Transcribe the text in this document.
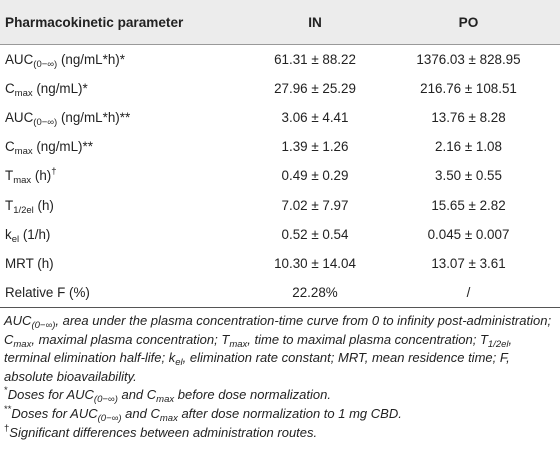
Pharmacokinetic parameter	IN	PO
$AUC_{(0-\infty)}$ (ng/mL*h)*	61.31 ± 88.22	1376.03 ± 828.95
$C_{max}$ (ng/mL)*	27.96 ± 25.29	216.76 ± 108.51
$AUC_{(0-\infty)}$ (ng/mL*h)**	3.06 ± 4.41	13.76 ± 8.28
$C_{max}$ (ng/mL)**	1.39 ± 1.26	2.16 ± 1.08
$T_{max}$ (h)†	0.49 ± 0.29	3.50 ± 0.55
$T_{1/2el}$ (h)	7.02 ± 7.97	15.65 ± 2.82
$k_{el}$ (1/h)	0.52 ± 0.54	0.045 ± 0.007
MRT (h)	10.30 ± 14.04	13.07 ± 3.61
Relative F (%)	22.28%	/

$AUC_{(0-\infty)}$, area under the plasma concentration-time curve from 0 to infinity post-administration; $C_{max}$, maximal plasma concentration; $T_{max}$, time to maximal plasma concentration; $T_{1/2el}$, terminal elimination half-life; $k_{el}$, elimination rate constant; MRT, mean residence time; F, absolute bioavailability.

*Doses for $AUC_{(0-\infty)}$ and $C_{max}$ before dose normalization.

**Doses for $AUC_{(0-\infty)}$ and $C_{max}$ after dose normalization to 1 mg CBD.

†Significant differences between administration routes.
